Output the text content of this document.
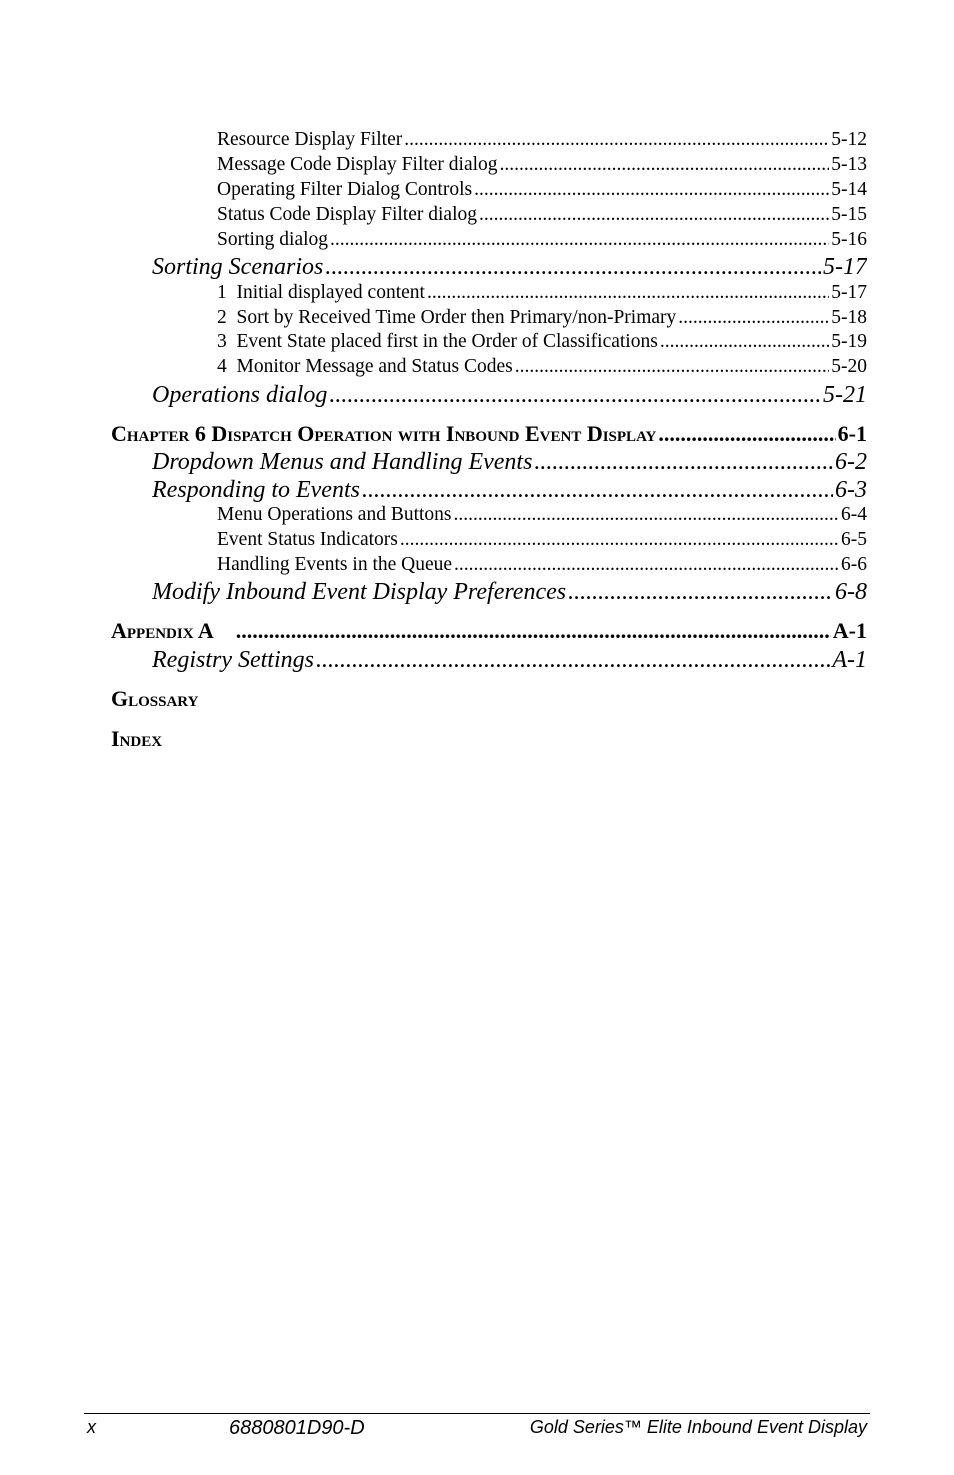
Resource Display Filter .....	5-12
Message Code Display Filter dialog .....	5-13
Operating Filter Dialog Controls .....	5-14
Status Code Display Filter dialog .....	5-15
Sorting dialog .....	5-16
Sorting Scenarios .....	5-17
1  Initial displayed content .....	5-17
2  Sort by Received Time Order then Primary/non-Primary .....	5-18
3  Event State placed first in the Order of Classifications .....	5-19
4  Monitor Message and Status Codes .....	5-20
Operations dialog .....	5-21
Chapter 6 Dispatch Operation with Inbound Event Display .....	6-1
Dropdown Menus and Handling Events .....	6-2
Responding to Events .....	6-3
Menu Operations and Buttons .....	6-4
Event Status Indicators .....	6-5
Handling Events in the Queue .....	6-6
Modify Inbound Event Display Preferences .....	6-8
Appendix A .....	A-1
Registry Settings .....	A-1
Glossary
Index
x	6880801D90-D	Gold Series™ Elite Inbound Event Display
